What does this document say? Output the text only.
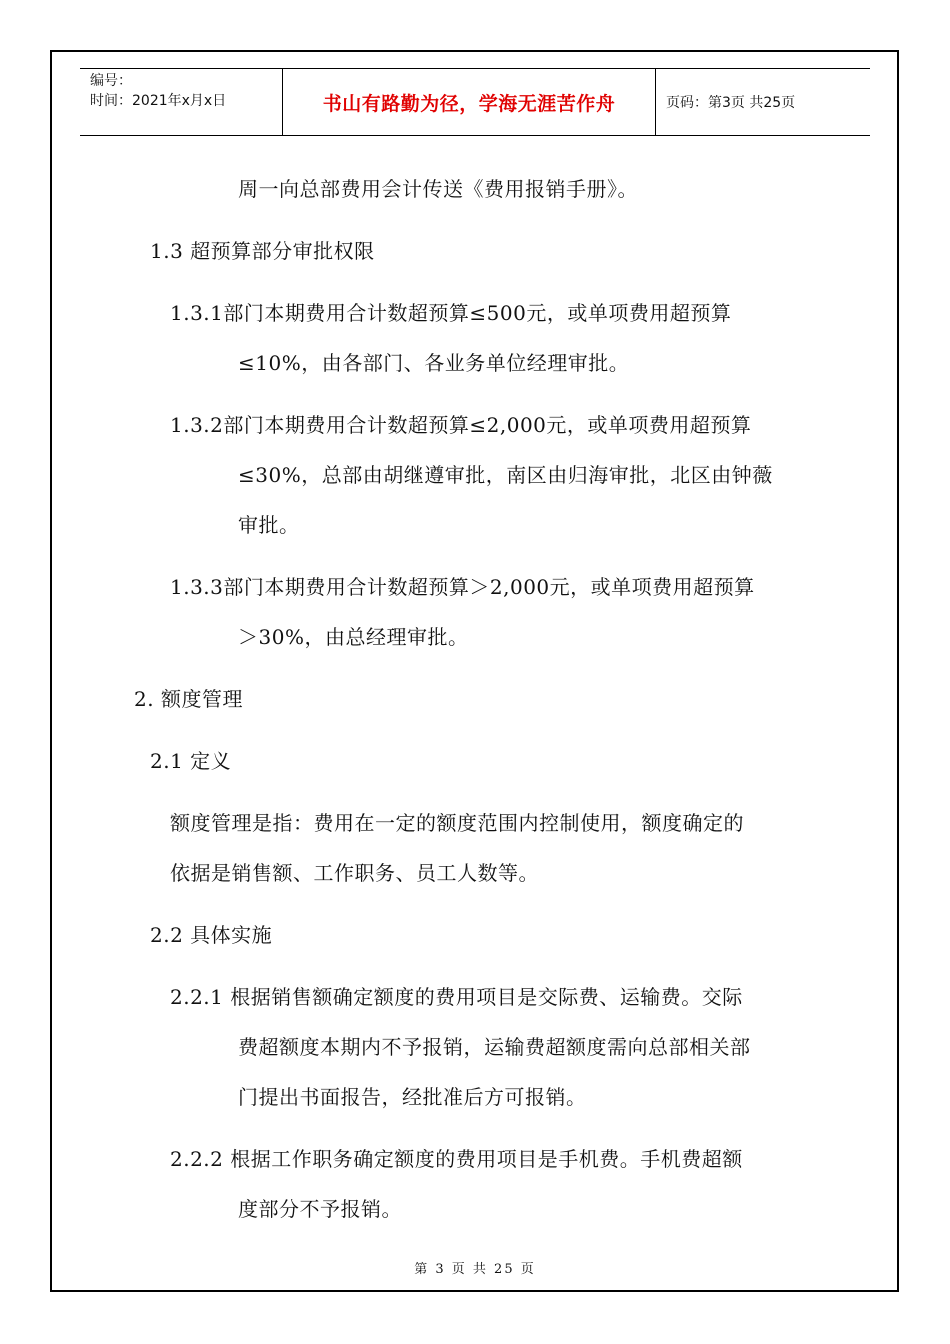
编号：
时间：2021年x月x日	书山有路勤为径，学海无涯苦作舟	页码：第3页 共25页
周一向总部费用会计传送《费用报销手册》。
1.3 超预算部分审批权限
1.3.1部门本期费用合计数超预算≤500元，或单项费用超预算
≤10%，由各部门、各业务单位经理审批。
1.3.2部门本期费用合计数超预算≤2,000元，或单项费用超预算
≤30%，总部由胡继遵审批，南区由归海审批，北区由钟薇
审批。
1.3.3部门本期费用合计数超预算＞2,000元，或单项费用超预算
＞30%，由总经理审批。
2. 额度管理
2.1 定义
额度管理是指：费用在一定的额度范围内控制使用，额度确定的
依据是销售额、工作职务、员工人数等。
2.2 具体实施
2.2.1 根据销售额确定额度的费用项目是交际费、运输费。交际
费超额度本期内不予报销，运输费超额度需向总部相关部
门提出书面报告，经批准后方可报销。
2.2.2 根据工作职务确定额度的费用项目是手机费。手机费超额
度部分不予报销。
第 3 页 共 25 页
